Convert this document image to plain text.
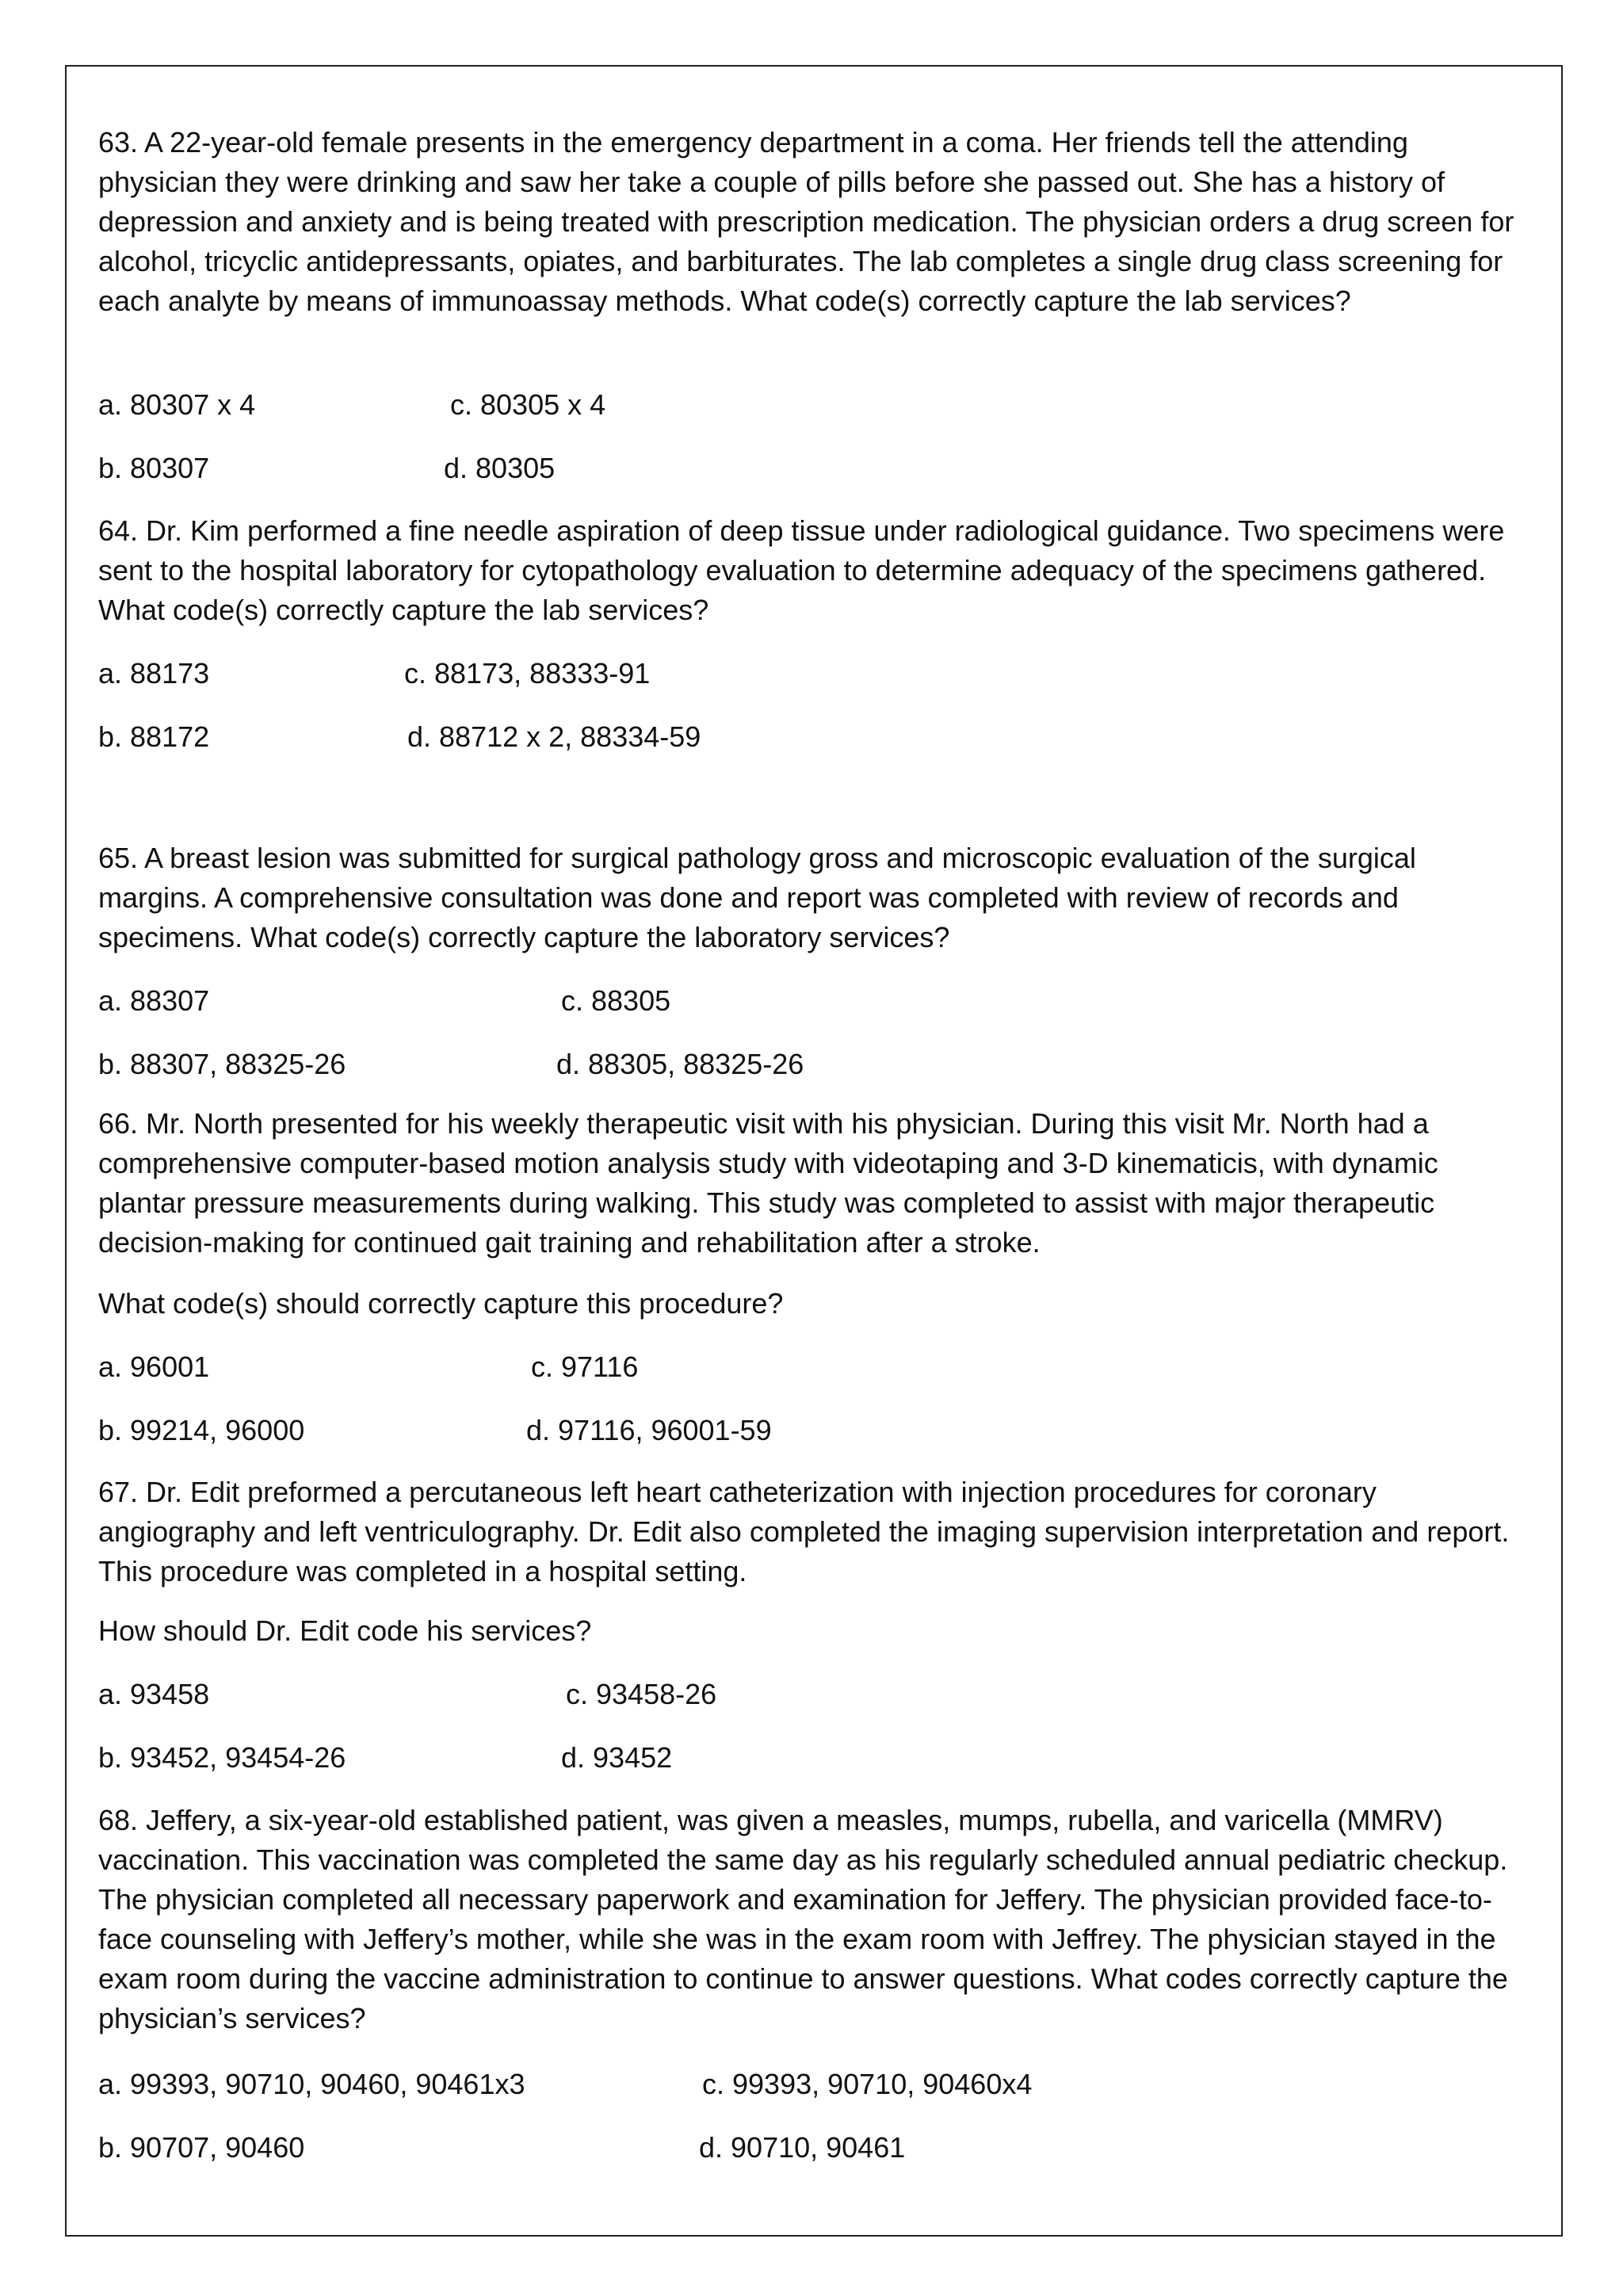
63. A 22-year-old female presents in the emergency department in a coma. Her friends tell the attending physician they were drinking and saw her take a couple of pills before she passed out. She has a history of depression and anxiety and is being treated with prescription medication. The physician orders a drug screen for alcohol, tricyclic antidepressants, opiates, and barbiturates. The lab completes a single drug class screening for each analyte by means of immunoassay methods. What code(s) correctly capture the lab services?

a. 80307 x 4	c. 80305 x 4
b. 80307	d. 80305

64. Dr. Kim performed a fine needle aspiration of deep tissue under radiological guidance. Two specimens were sent to the hospital laboratory for cytopathology evaluation to determine adequacy of the specimens gathered. What code(s) correctly capture the lab services?

a. 88173	c. 88173, 88333-91
b. 88172	d. 88712 x 2, 88334-59

65. A breast lesion was submitted for surgical pathology gross and microscopic evaluation of the surgical margins. A comprehensive consultation was done and report was completed with review of records and specimens. What code(s) correctly capture the laboratory services?

a. 88307	c. 88305
b. 88307, 88325-26	d. 88305, 88325-26

66. Mr. North presented for his weekly therapeutic visit with his physician. During this visit Mr. North had a comprehensive computer-based motion analysis study with videotaping and 3-D kinematicis, with dynamic plantar pressure measurements during walking. This study was completed to assist with major therapeutic decision-making for continued gait training and rehabilitation after a stroke.

What code(s) should correctly capture this procedure?

a. 96001	c. 97116
b. 99214, 96000	d. 97116, 96001-59

67. Dr. Edit preformed a percutaneous left heart catheterization with injection procedures for coronary angiography and left ventriculography. Dr. Edit also completed the imaging supervision interpretation and report. This procedure was completed in a hospital setting.

How should Dr. Edit code his services?

a. 93458	c. 93458-26
b. 93452, 93454-26	d. 93452

68. Jeffery, a six-year-old established patient, was given a measles, mumps, rubella, and varicella (MMRV) vaccination. This vaccination was completed the same day as his regularly scheduled annual pediatric checkup. The physician completed all necessary paperwork and examination for Jeffery. The physician provided face-to-face counseling with Jeffery’s mother, while she was in the exam room with Jeffrey. The physician stayed in the exam room during the vaccine administration to continue to answer questions. What codes correctly capture the physician’s services?

a. 99393, 90710, 90460, 90461x3	c. 99393, 90710, 90460x4
b. 90707, 90460	d. 90710, 90461
